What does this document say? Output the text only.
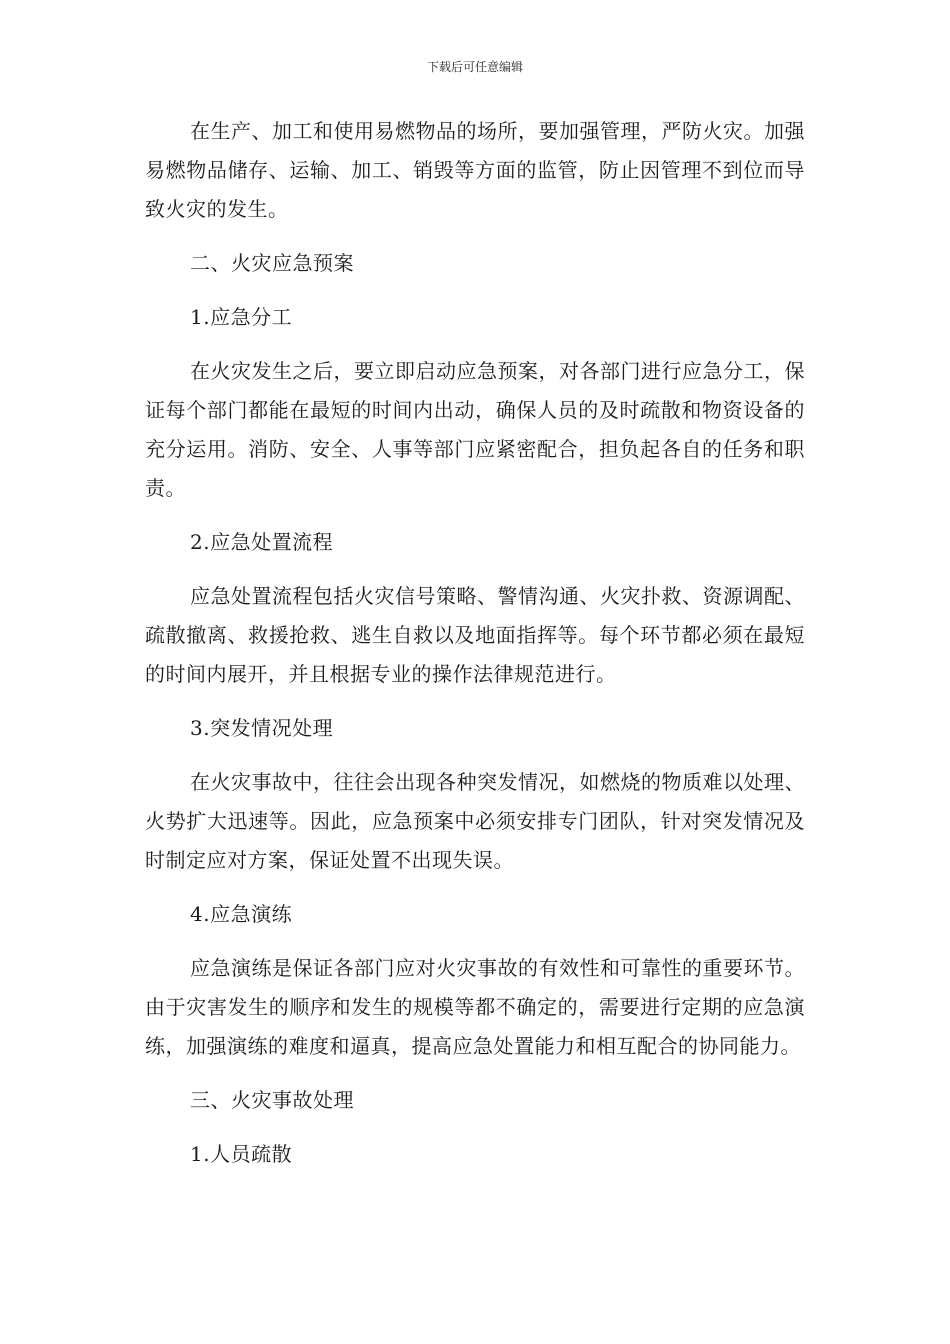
下载后可任意编辑

在生产、加工和使用易燃物品的场所，要加强管理，严防火灾。加强易燃物品储存、运输、加工、销毁等方面的监管，防止因管理不到位而导致火灾的发生。

二、火灾应急预案

1.应急分工

在火灾发生之后，要立即启动应急预案，对各部门进行应急分工，保证每个部门都能在最短的时间内出动，确保人员的及时疏散和物资设备的充分运用。消防、安全、人事等部门应紧密配合，担负起各自的任务和职责。

2.应急处置流程

应急处置流程包括火灾信号策略、警情沟通、火灾扑救、资源调配、疏散撤离、救援抢救、逃生自救以及地面指挥等。每个环节都必须在最短的时间内展开，并且根据专业的操作法律规范进行。

3.突发情况处理

在火灾事故中，往往会出现各种突发情况，如燃烧的物质难以处理、火势扩大迅速等。因此，应急预案中必须安排专门团队，针对突发情况及时制定应对方案，保证处置不出现失误。

4.应急演练

应急演练是保证各部门应对火灾事故的有效性和可靠性的重要环节。由于灾害发生的顺序和发生的规模等都不确定的，需要进行定期的应急演练，加强演练的难度和逼真，提高应急处置能力和相互配合的协同能力。

三、火灾事故处理

1.人员疏散
